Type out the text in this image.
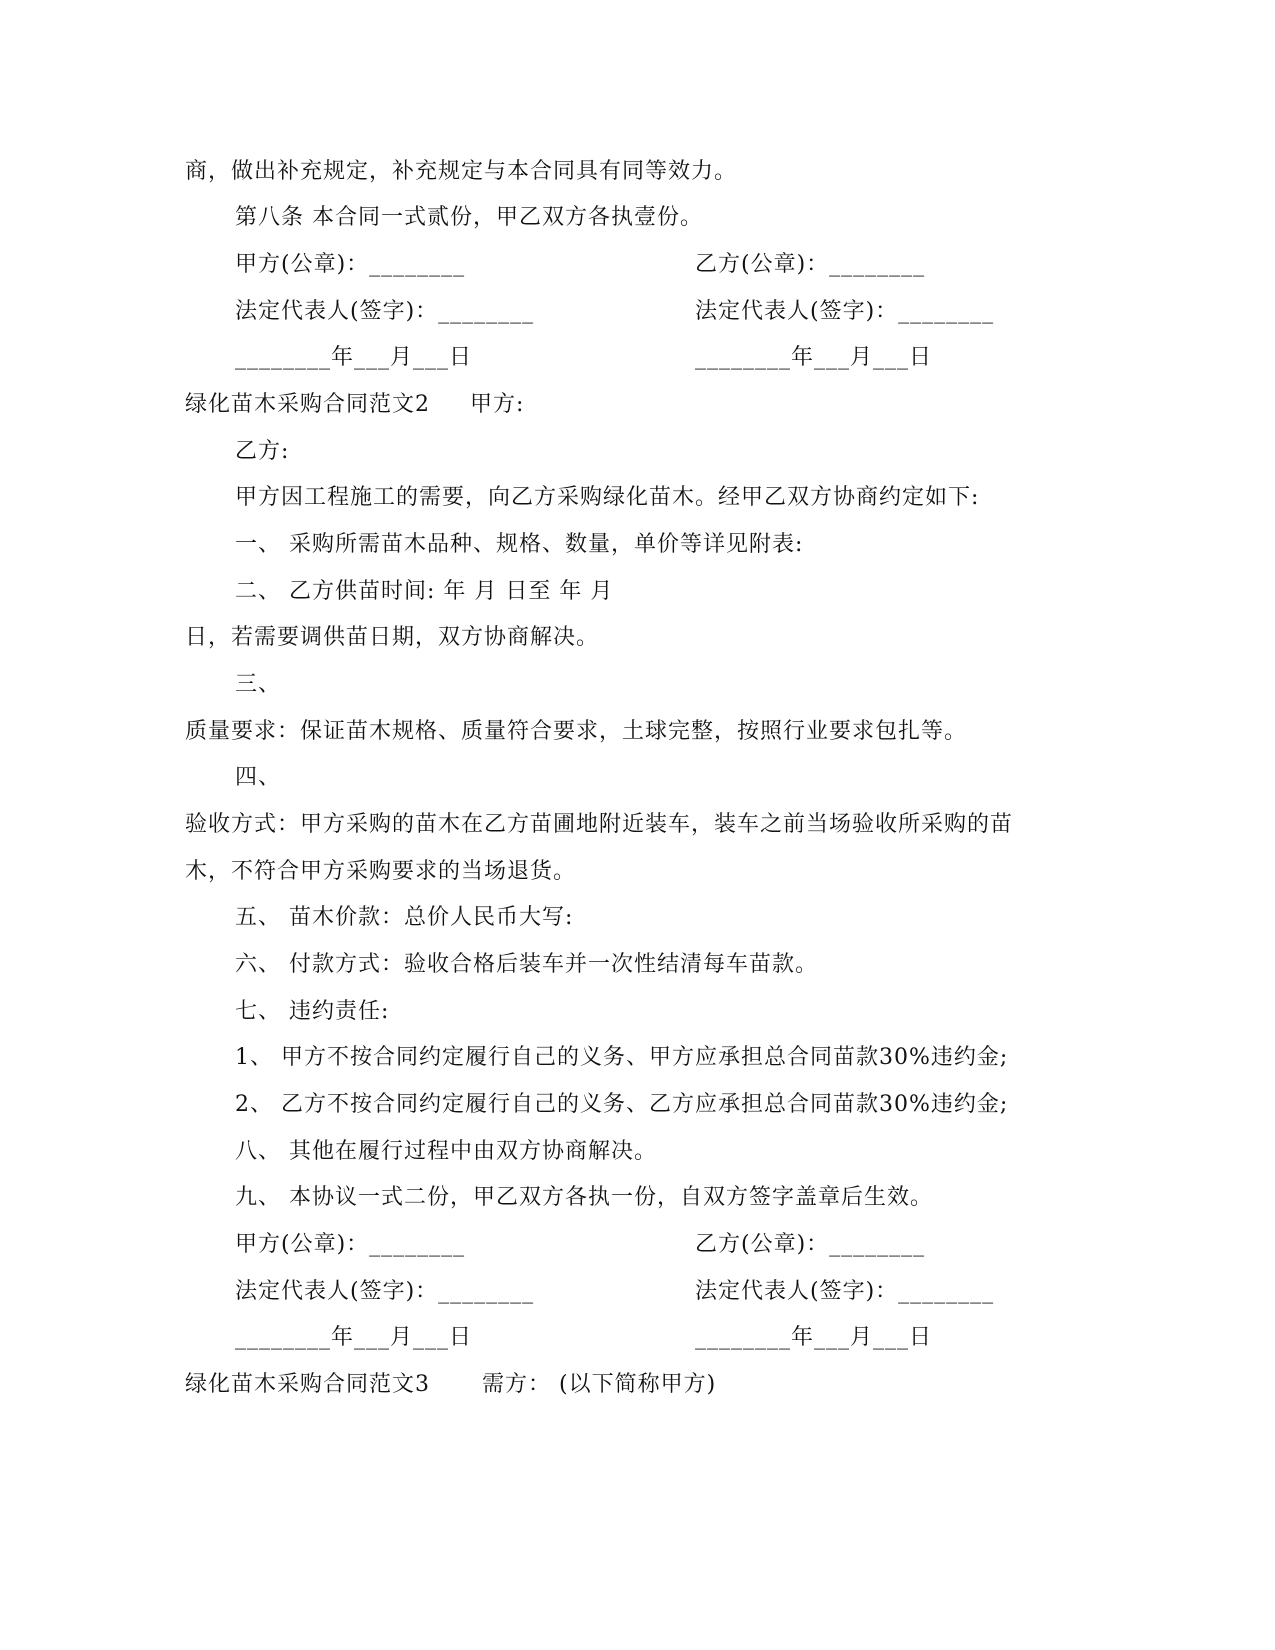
商，做出补充规定，补充规定与本合同具有同等效力。
第八条 本合同一式贰份，甲乙双方各执壹份。
甲方(公章)：________	乙方(公章)：________
法定代表人(签字)：________	法定代表人(签字)：________
________年___月___日	________年___月___日
绿化苗木采购合同范文2 甲方:
乙方:
甲方因工程施工的需要，向乙方采购绿化苗木。经甲乙双方协商约定如下:
一、 采购所需苗木品种、规格、数量，单价等详见附表:
二、 乙方供苗时间: 年 月 日至 年 月
日，若需要调供苗日期，双方协商解决。
三、
质量要求：保证苗木规格、质量符合要求，土球完整，按照行业要求包扎等。
四、
验收方式：甲方采购的苗木在乙方苗圃地附近装车，装车之前当场验收所采购的苗
木，不符合甲方采购要求的当场退货。
五、 苗木价款：总价人民币大写:
六、 付款方式：验收合格后装车并一次性结清每车苗款。
七、 违约责任:
1、 甲方不按合同约定履行自己的义务、甲方应承担总合同苗款30%违约金;
2、 乙方不按合同约定履行自己的义务、乙方应承担总合同苗款30%违约金;
八、 其他在履行过程中由双方协商解决。
九、 本协议一式二份，甲乙双方各执一份，自双方签字盖章后生效。
甲方(公章)：________	乙方(公章)：________
法定代表人(签字)：________	法定代表人(签字)：________
________年___月___日	________年___月___日
绿化苗木采购合同范文3 需方： (以下简称甲方)
